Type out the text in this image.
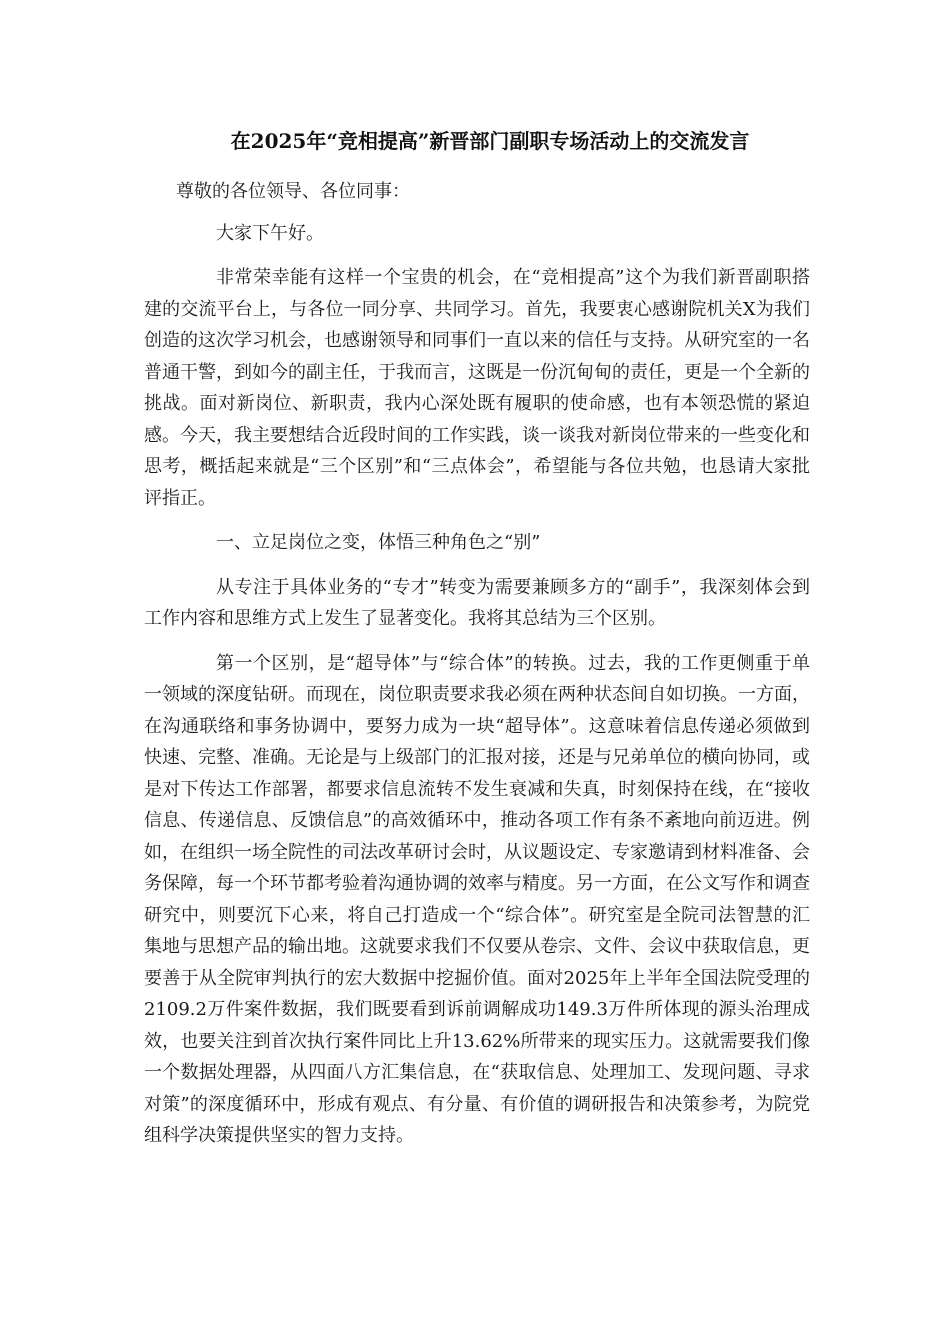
在2025年“竞相提高”新晋部门副职专场活动上的交流发言

尊敬的各位领导、各位同事：

大家下午好。

非常荣幸能有这样一个宝贵的机会，在“竞相提高”这个为我们新晋副职搭建的交流平台上，与各位一同分享、共同学习。首先，我要衷心感谢院机关X为我们创造的这次学习机会，也感谢领导和同事们一直以来的信任与支持。从研究室的一名普通干警，到如今的副主任，于我而言，这既是一份沉甸甸的责任，更是一个全新的挑战。面对新岗位、新职责，我内心深处既有履职的使命感，也有本领恐慌的紧迫感。今天，我主要想结合近段时间的工作实践，谈一谈我对新岗位带来的一些变化和思考，概括起来就是“三个区别”和“三点体会”，希望能与各位共勉，也恳请大家批评指正。

一、立足岗位之变，体悟三种角色之“别”

从专注于具体业务的“专才”转变为需要兼顾多方的“副手”，我深刻体会到工作内容和思维方式上发生了显著变化。我将其总结为三个区别。

第一个区别，是“超导体”与“综合体”的转换。过去，我的工作更侧重于单一领域的深度钻研。而现在，岗位职责要求我必须在两种状态间自如切换。一方面，在沟通联络和事务协调中，要努力成为一块“超导体”。这意味着信息传递必须做到快速、完整、准确。无论是与上级部门的汇报对接，还是与兄弟单位的横向协同，或是对下传达工作部署，都要求信息流转不发生衰减和失真，时刻保持在线，在“接收信息、传递信息、反馈信息”的高效循环中，推动各项工作有条不紊地向前迈进。例如，在组织一场全院性的司法改革研讨会时，从议题设定、专家邀请到材料准备、会务保障，每一个环节都考验着沟通协调的效率与精度。另一方面，在公文写作和调查研究中，则要沉下心来，将自己打造成一个“综合体”。研究室是全院司法智慧的汇集地与思想产品的输出地。这就要求我们不仅要从卷宗、文件、会议中获取信息，更要善于从全院审判执行的宏大数据中挖掘价值。面对2025年上半年全国法院受理的2109.2万件案件数据，我们既要看到诉前调解成功149.3万件所体现的源头治理成效，也要关注到首次执行案件同比上升13.62%所带来的现实压力。这就需要我们像一个数据处理器，从四面八方汇集信息，在“获取信息、处理加工、发现问题、寻求对策”的深度循环中，形成有观点、有分量、有价值的调研报告和决策参考，为院党组科学决策提供坚实的智力支持。
